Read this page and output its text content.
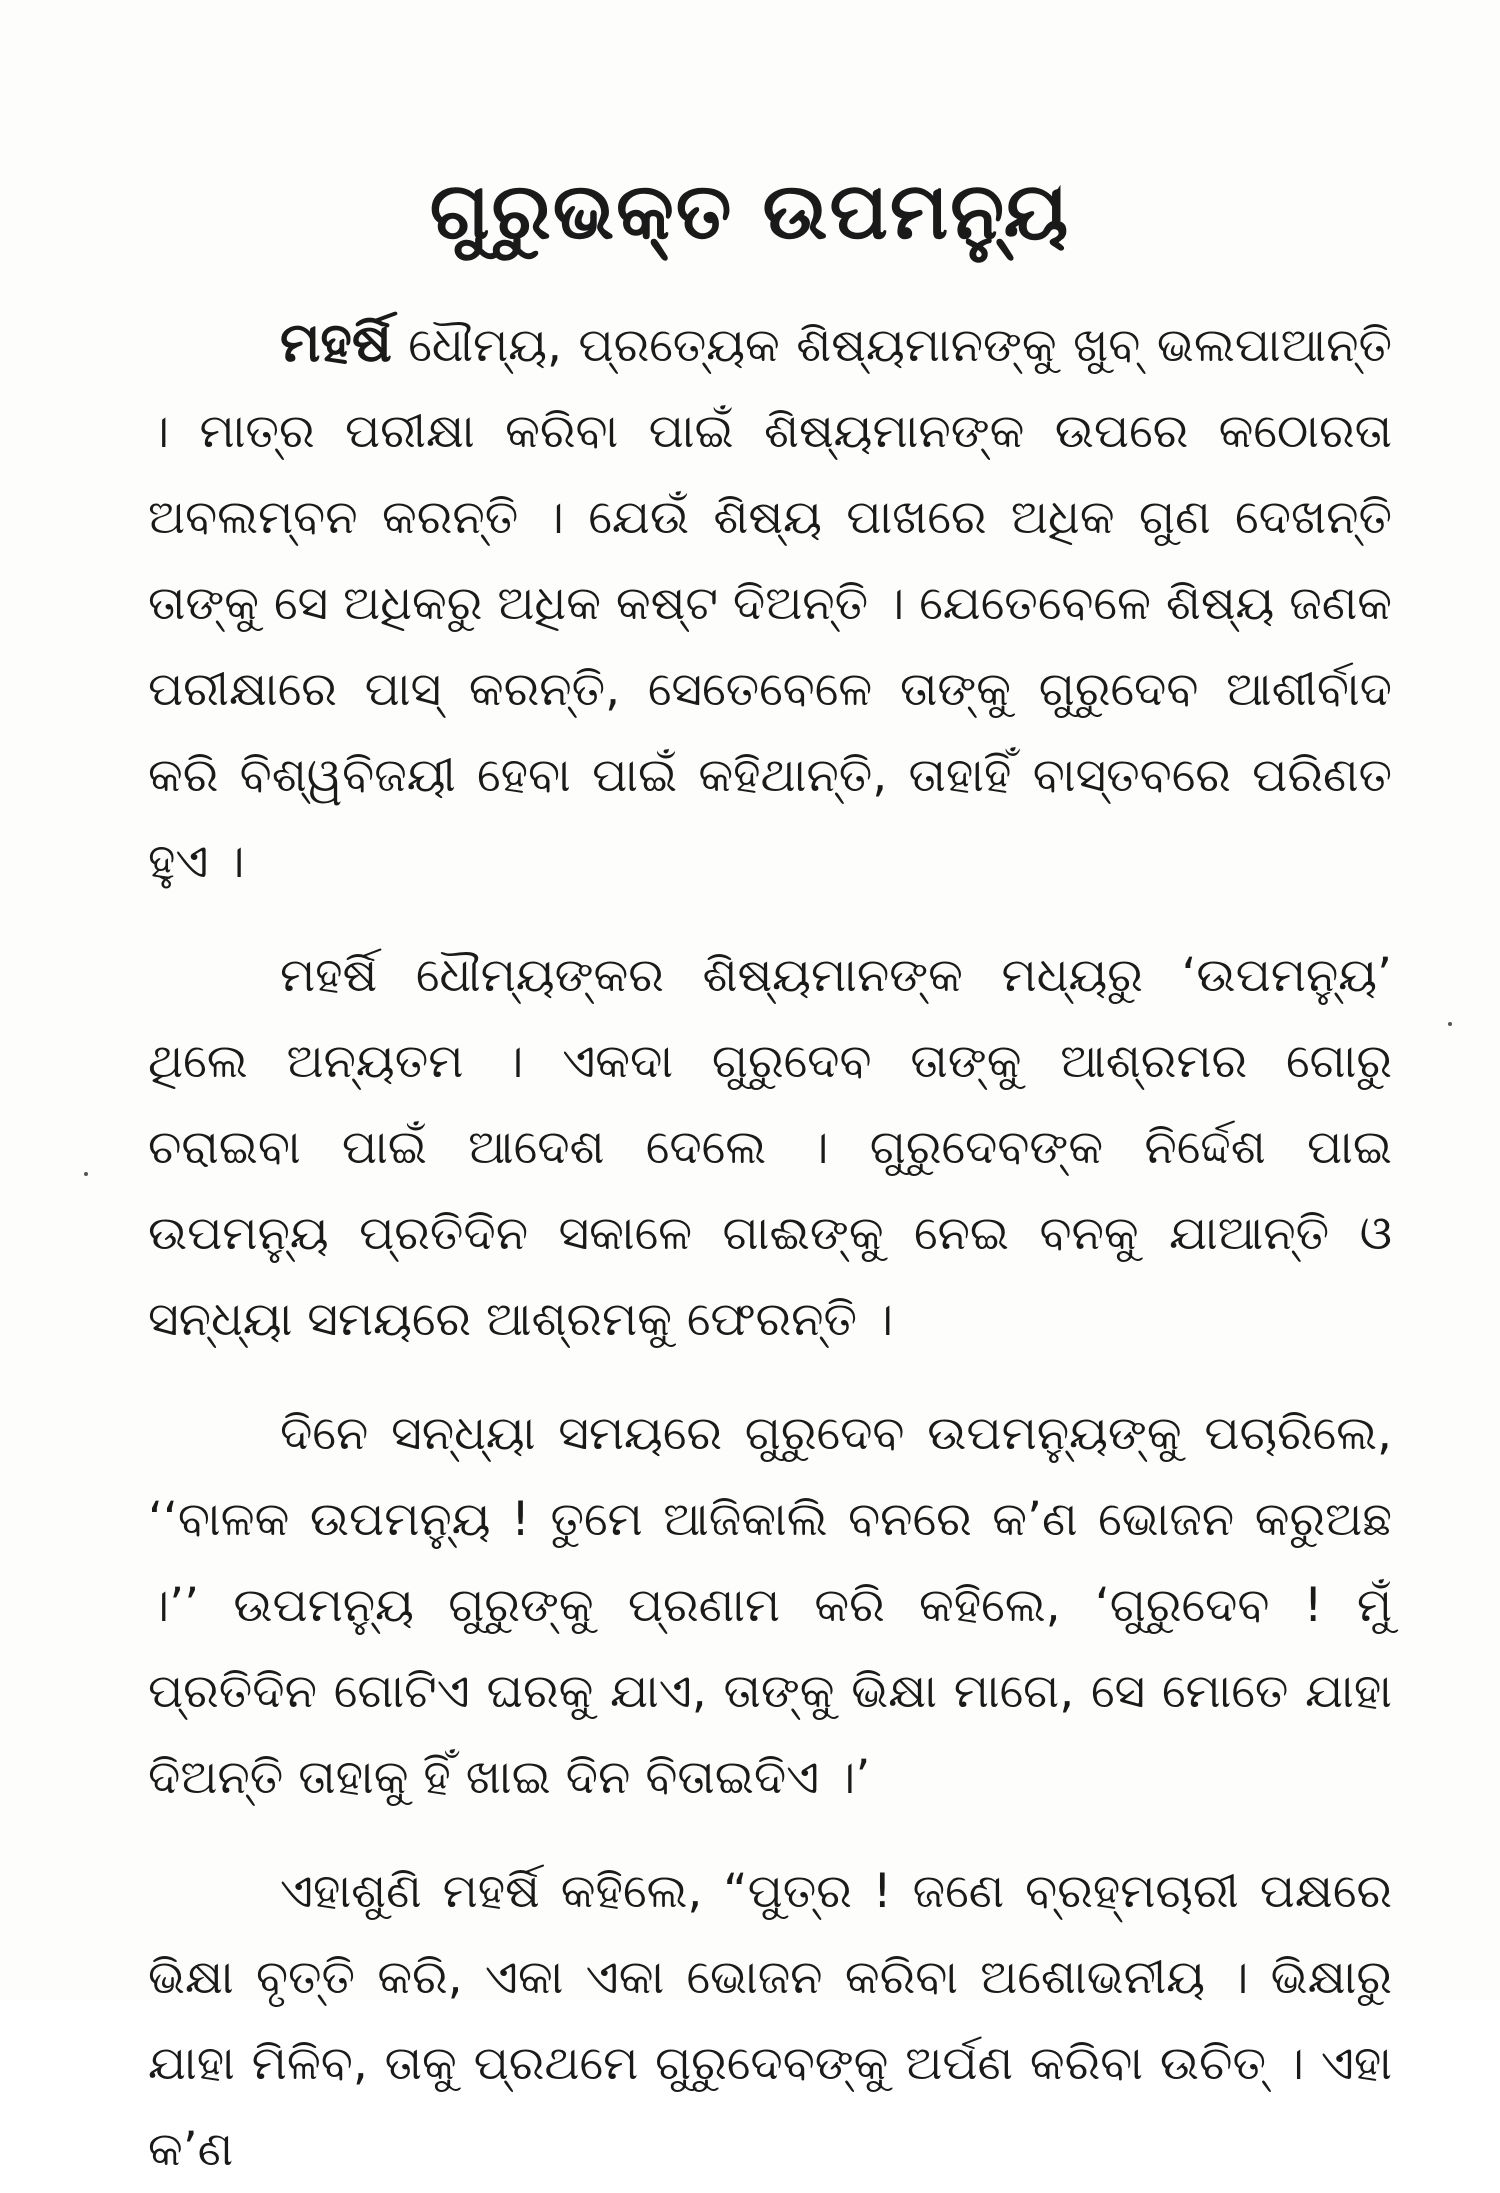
ଗୁରୁଭକ୍ତ ଉପମନ୍ୟୁ

ମହର୍ଷି ଧୌମ୍ୟ, ପ୍ରତ୍ୟେକ ଶିଷ୍ୟମାନଙ୍କୁ ଖୁବ୍ ଭଲପାଆନ୍ତି । ମାତ୍ର ପରୀକ୍ଷା କରିବା ପାଇଁ ଶିଷ୍ୟମାନଙ୍କ ଉପରେ କଠୋରତା ଅବଲମ୍ବନ କରନ୍ତି । ଯେଉଁ ଶିଷ୍ୟ ପାଖରେ ଅଧିକ ଗୁଣ ଦେଖନ୍ତି ତାଙ୍କୁ ସେ ଅଧିକରୁ ଅଧିକ କଷ୍ଟ ଦିଅନ୍ତି । ଯେତେବେଳେ ଶିଷ୍ୟ ଜଣକ ପରୀକ୍ଷାରେ ପାସ୍ କରନ୍ତି, ସେତେବେଳେ ତାଙ୍କୁ ଗୁରୁଦେବ ଆଶୀର୍ବାଦ କରି ବିଶ୍ୱବିଜୟୀ ହେବା ପାଇଁ କହିଥାନ୍ତି, ତାହାହିଁ ବାସ୍ତବରେ ପରିଣତ ହୁଏ ।

ମହର୍ଷି ଧୌମ୍ୟଙ୍କର ଶିଷ୍ୟମାନଙ୍କ ମଧ୍ୟରୁ ‘ଉପମନ୍ୟୁ’ ଥିଲେ ଅନ୍ୟତମ । ଏକଦା ଗୁରୁଦେବ ତାଙ୍କୁ ଆଶ୍ରମର ଗୋରୁ ଚରାଇବା ପାଇଁ ଆଦେଶ ଦେଲେ । ଗୁରୁଦେବଙ୍କ ନିର୍ଦ୍ଦେଶ ପାଇ ଉପମନ୍ୟୁ ପ୍ରତିଦିନ ସକାଳେ ଗାଈଙ୍କୁ ନେଇ ବନକୁ ଯାଆନ୍ତି ଓ ସନ୍ଧ୍ୟା ସମୟରେ ଆଶ୍ରମକୁ ଫେରନ୍ତି ।

ଦିନେ ସନ୍ଧ୍ୟା ସମୟରେ ଗୁରୁଦେବ ଉପମନ୍ୟୁଙ୍କୁ ପଚାରିଲେ, ‘‘ବାଳକ ଉପମନ୍ୟୁ ! ତୁମେ ଆଜିକାଲି ବନରେ କ’ଣ ଭୋଜନ କରୁଅଛ ।’’ ଉପମନ୍ୟୁ ଗୁରୁଙ୍କୁ ପ୍ରଣାମ କରି କହିଲେ, ‘ଗୁରୁଦେବ ! ମୁଁ ପ୍ରତିଦିନ ଗୋଟିଏ ଘରକୁ ଯାଏ, ତାଙ୍କୁ ଭିକ୍ଷା ମାଗେ, ସେ ମୋତେ ଯାହା ଦିଅନ୍ତି ତାହାକୁ ହିଁ ଖାଇ ଦିନ ବିତାଇଦିଏ ।’

ଏହାଶୁଣି ମହର୍ଷି କହିଲେ, “ପୁତ୍ର ! ଜଣେ ବ୍ରହ୍ମଚାରୀ ପକ୍ଷରେ ଭିକ୍ଷା ବୃତ୍ତି କରି, ଏକା ଏକା ଭୋଜନ କରିବା ଅଶୋଭନୀୟ । ଭିକ୍ଷାରୁ ଯାହା ମିଳିବ, ତାକୁ ପ୍ରଥମେ ଗୁରୁଦେବଙ୍କୁ ଅର୍ପଣ କରିବା ଉଚିତ୍ । ଏହା କ’ଣ
